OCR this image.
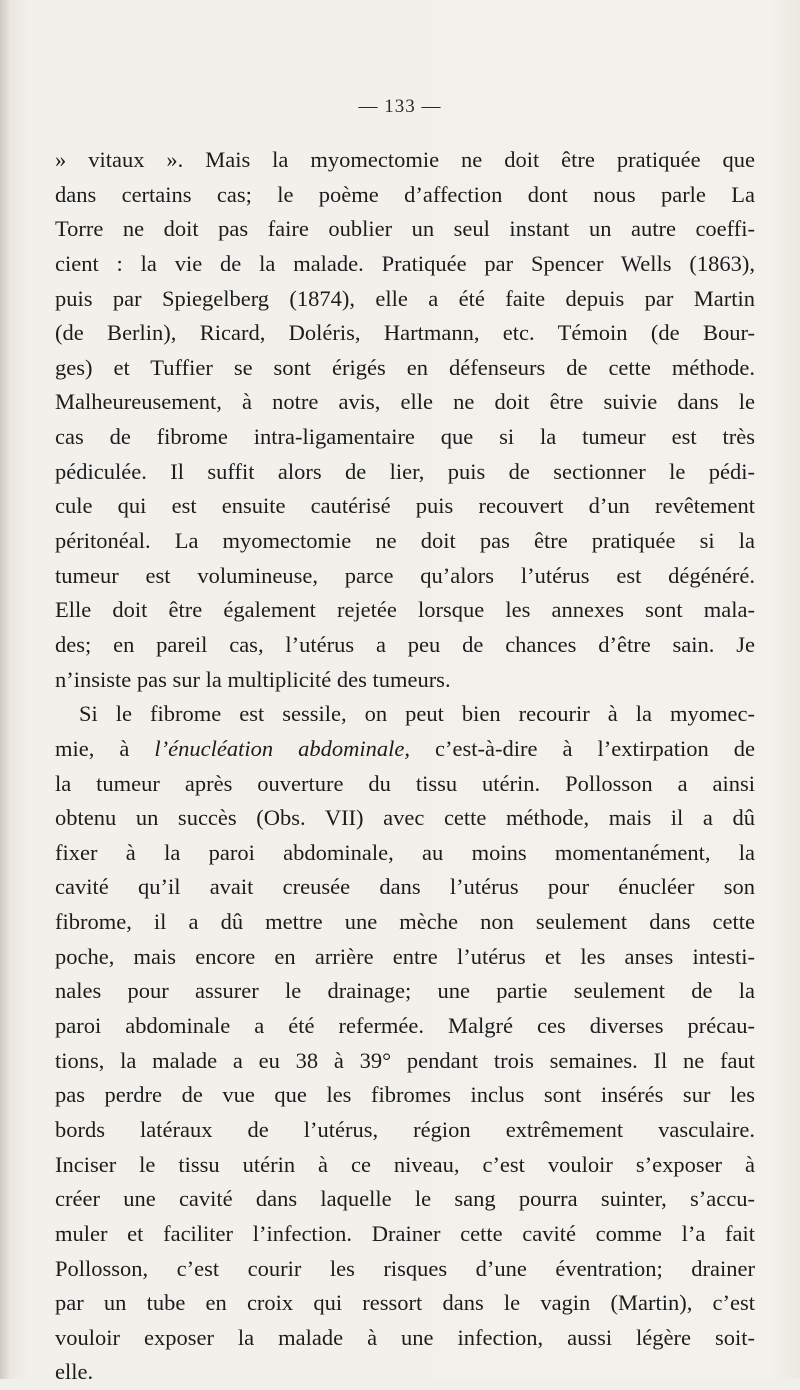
— 133 —
» vitaux ». Mais la myomectomie ne doit être pratiquée que
dans certains cas; le poème d’affection dont nous parle La
Torre ne doit pas faire oublier un seul instant un autre coeffi-
cient : la vie de la malade. Pratiquée par Spencer Wells (1863),
puis par Spiegelberg (1874), elle a été faite depuis par Martin
(de Berlin), Ricard, Doléris, Hartmann, etc. Témoin (de Bour-
ges) et Tuffier se sont érigés en défenseurs de cette méthode.
Malheureusement, à notre avis, elle ne doit être suivie dans le
cas de fibrome intra-ligamentaire que si la tumeur est très
pédiculée. Il suffit alors de lier, puis de sectionner le pédi-
cule qui est ensuite cautérisé puis recouvert d’un revêtement
péritonéal. La myomectomie ne doit pas être pratiquée si la
tumeur est volumineuse, parce qu’alors l’utérus est dégénéré.
Elle doit être également rejetée lorsque les annexes sont mala-
des; en pareil cas, l’utérus a peu de chances d’être sain. Je
n’insiste pas sur la multiplicité des tumeurs.
Si le fibrome est sessile, on peut bien recourir à la myomec-
mie, à l’énucléation abdominale, c’est-à-dire à l’extirpation de
la tumeur après ouverture du tissu utérin. Pollosson a ainsi
obtenu un succès (Obs. VII) avec cette méthode, mais il a dû
fixer à la paroi abdominale, au moins momentanément, la
cavité qu’il avait creusée dans l’utérus pour énucléer son
fibrome, il a dû mettre une mèche non seulement dans cette
poche, mais encore en arrière entre l’utérus et les anses intesti-
nales pour assurer le drainage; une partie seulement de la
paroi abdominale a été refermée. Malgré ces diverses précau-
tions, la malade a eu 38 à 39° pendant trois semaines. Il ne faut
pas perdre de vue que les fibromes inclus sont insérés sur les
bords latéraux de l’utérus, région extrêmement vasculaire.
Inciser le tissu utérin à ce niveau, c’est vouloir s’exposer à
créer une cavité dans laquelle le sang pourra suinter, s’accu-
muler et faciliter l’infection. Drainer cette cavité comme l’a fait
Pollosson, c’est courir les risques d’une éventration; drainer
par un tube en croix qui ressort dans le vagin (Martin), c’est
vouloir exposer la malade à une infection, aussi légère soit-
elle.
